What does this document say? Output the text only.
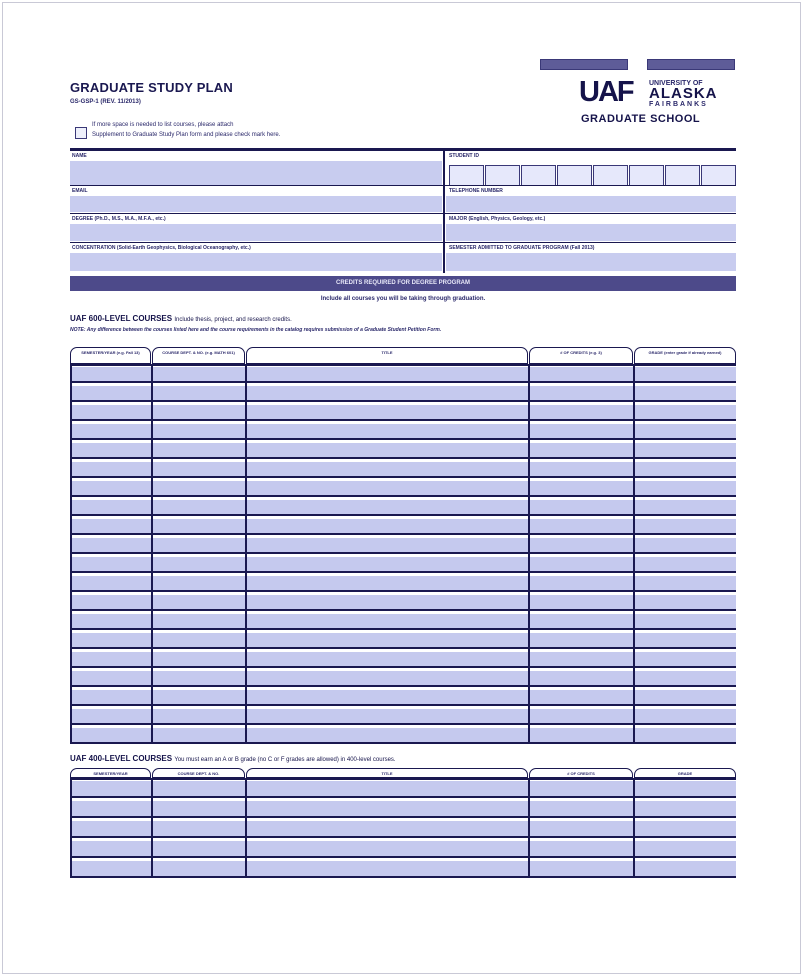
GRADUATE STUDY PLAN
GS-GSP-1 (REV. 11/2013)
If more space is needed to list courses, please attach
Supplement to Graduate Study Plan form and please check mark here.
UAF UNIVERSITY OF
ALASKA
FAIRBANKS
GRADUATE SCHOOL
NAME	STUDENT ID
EMAIL	TELEPHONE NUMBER
DEGREE (Ph.D., M.S., M.A., M.F.A., etc.)	MAJOR (English, Physics, Geology, etc.)
CONCENTRATION (Solid-Earth Geophysics, Biological Oceanography, etc.)	SEMESTER ADMITTED TO GRADUATE PROGRAM (Fall 2013)
CREDITS REQUIRED FOR DEGREE PROGRAM
Include all courses you will be taking through graduation.
UAF 600-LEVEL COURSES Include thesis, project, and research credits.
NOTE: Any difference between the courses listed here and the course requirements in the catalog requires submission of a Graduate Student Petition Form.
SEMESTER/YEAR (e.g. Fall 13)	COURSE DEPT. & NO. (e.g. MATH 601)	TITLE	# OF CREDITS (e.g. 3)	GRADE (enter grade if already earned)
UAF 400-LEVEL COURSES You must earn an A or B grade (no C or F grades are allowed) in 400-level courses.
SEMESTER/YEAR	COURSE DEPT. & NO.	TITLE	# OF CREDITS	GRADE
